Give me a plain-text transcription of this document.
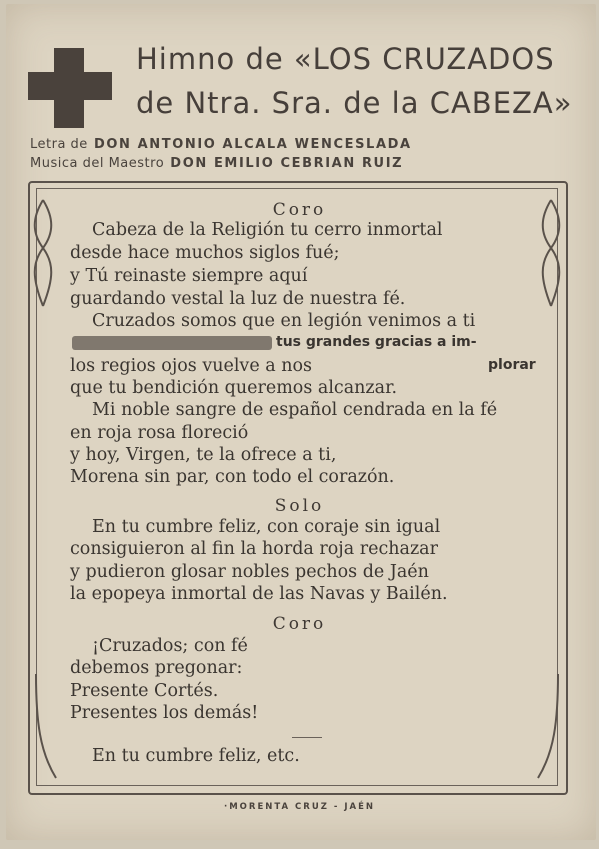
Himno de «LOS CRUZADOS
de Ntra. Sra. de la CABEZA»
Letra de DON ANTONIO ALCALA WENCESLADA
Musica del Maestro DON EMILIO CEBRIAN RUIZ
Coro
Cabeza de la Religión tu cerro inmortal
desde hace muchos siglos fué;
y Tú reinaste siempre aquí
guardando vestal la luz de nuestra fé.
Cruzados somos que en legión venimos a ti
tus grandes gracias a im-
los regios ojos vuelve a nos	plorar
que tu bendición queremos alcanzar.
Mi noble sangre de español cendrada en la fé
en roja rosa floreció
y hoy, Virgen, te la ofrece a ti,
Morena sin par, con todo el corazón.
Solo
En tu cumbre feliz, con coraje sin igual
consiguieron al fin la horda roja rechazar
y pudieron glosar nobles pechos de Jaén
la epopeya inmortal de las Navas y Bailén.
Coro
¡Cruzados; con fé
debemos pregonar:
Presente Cortés.
Presentes los demás!
En tu cumbre feliz, etc.
·MORENTA CRUZ - JAÉN
